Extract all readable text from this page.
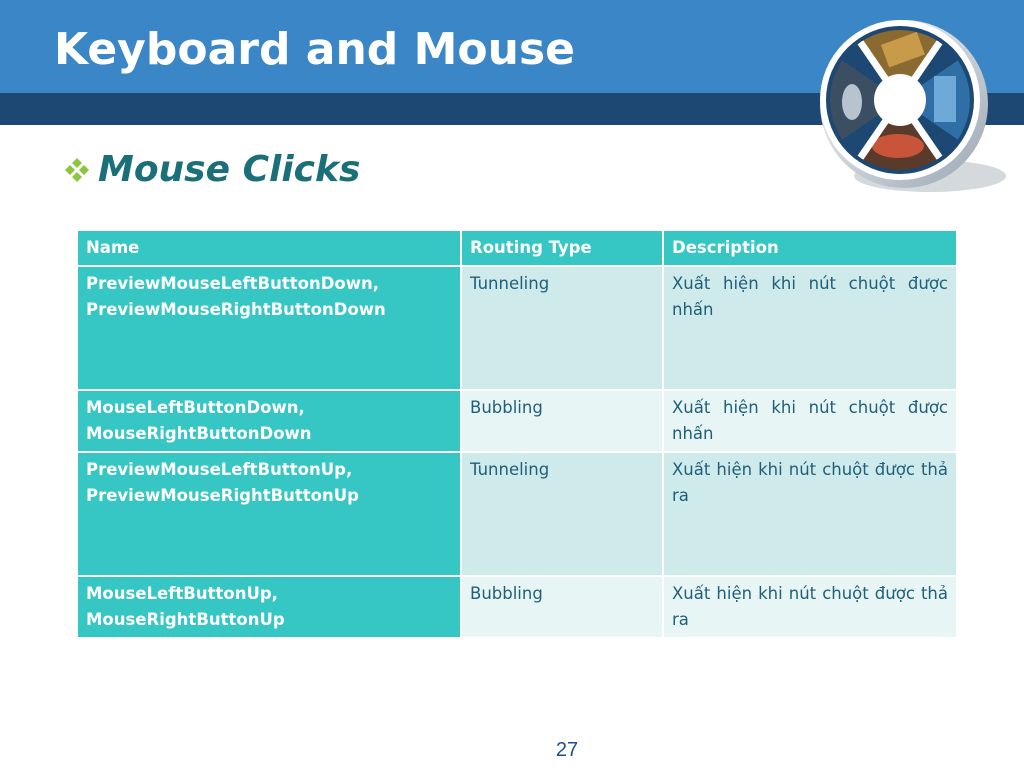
Keyboard and Mouse
Mouse Clicks
Name	Routing Type	Description

PreviewMouseLeftButtonDown,
PreviewMouseRightButtonDown	Tunneling	Xuất hiện khi nút chuột được nhấn

MouseLeftButtonDown,
MouseRightButtonDown	Bubbling	Xuất hiện khi nút chuột được nhấn

PreviewMouseLeftButtonUp,
PreviewMouseRightButtonUp	Tunneling	Xuất hiện khi nút chuột được thả ra

MouseLeftButtonUp,
MouseRightButtonUp	Bubbling	Xuất hiện khi nút chuột được thả ra
27
